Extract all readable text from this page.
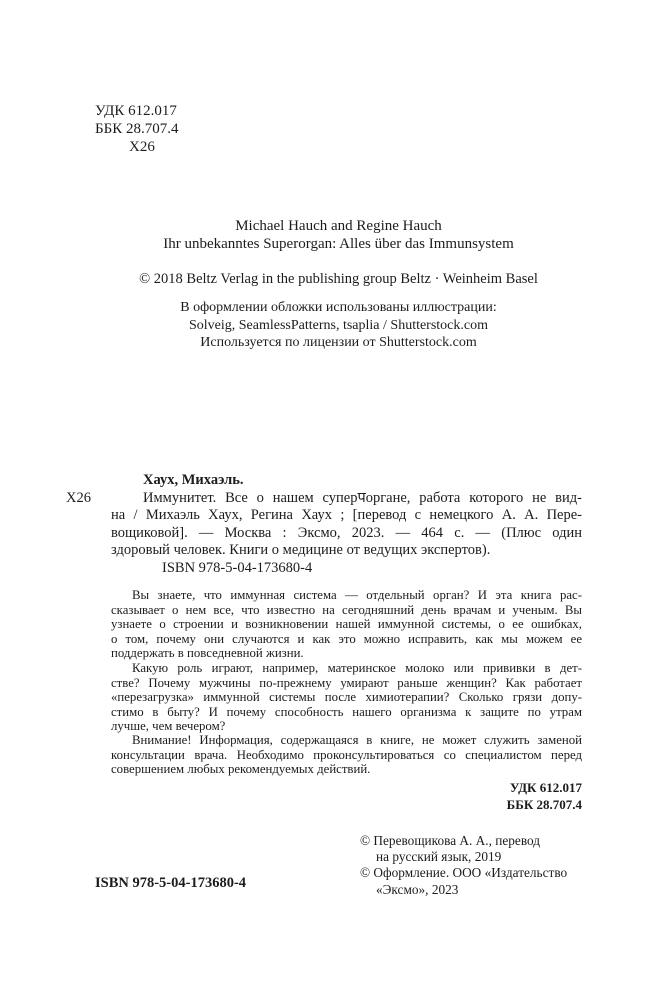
УДК 612.017
ББК 28.707.4
Х26
Michael Hauch and Regine Hauch
Ihr unbekanntes Superorgan: Alles über das Immunsystem
© 2018 Beltz Verlag in the publishing group Beltz · Weinheim Basel
В оформлении обложки использованы иллюстрации:
Solveig, SeamlessPatterns, tsaplia / Shutterstock.com
Используется по лицензии от Shutterstock.com
Хаух, Михаэль.
Х26	Иммунитет. Все о нашем суперपоргане, работа которого не вид-
на / Михаэль Хаух, Регина Хаух ; [перевод с немецкого А. А. Пере-
вощиковой]. — Москва : Эксмо, 2023. — 464 с. — (Плюс один
здоровый человек. Книги о медицине от ведущих экспертов).
ISBN 978-5-04-173680-4
Вы знаете, что иммунная система — отдельный орган? И эта книга рас-
сказывает о нем все, что известно на сегодняшний день врачам и ученым. Вы
узнаете о строении и возникновении нашей иммунной системы, о ее ошибках,
о том, почему они случаются и как это можно исправить, как мы можем ее
поддержать в повседневной жизни.
Какую роль играют, например, материнское молоко или прививки в дет-
стве? Почему мужчины по-прежнему умирают раньше женщин? Как работает
«перезагрузка» иммунной системы после химиотерапии? Сколько грязи допу-
стимо в быту? И почему способность нашего организма к защите по утрам
лучше, чем вечером?
Внимание! Информация, содержащаяся в книге, не может служить заменой
консультации врача. Необходимо проконсультироваться со специалистом перед
совершением любых рекомендуемых действий.
УДК 612.017
ББК 28.707.4
© Перевощикова А. А., перевод
на русский язык, 2019
© Оформление. ООО «Издательство
«Эксмо», 2023
ISBN 978-5-04-173680-4
